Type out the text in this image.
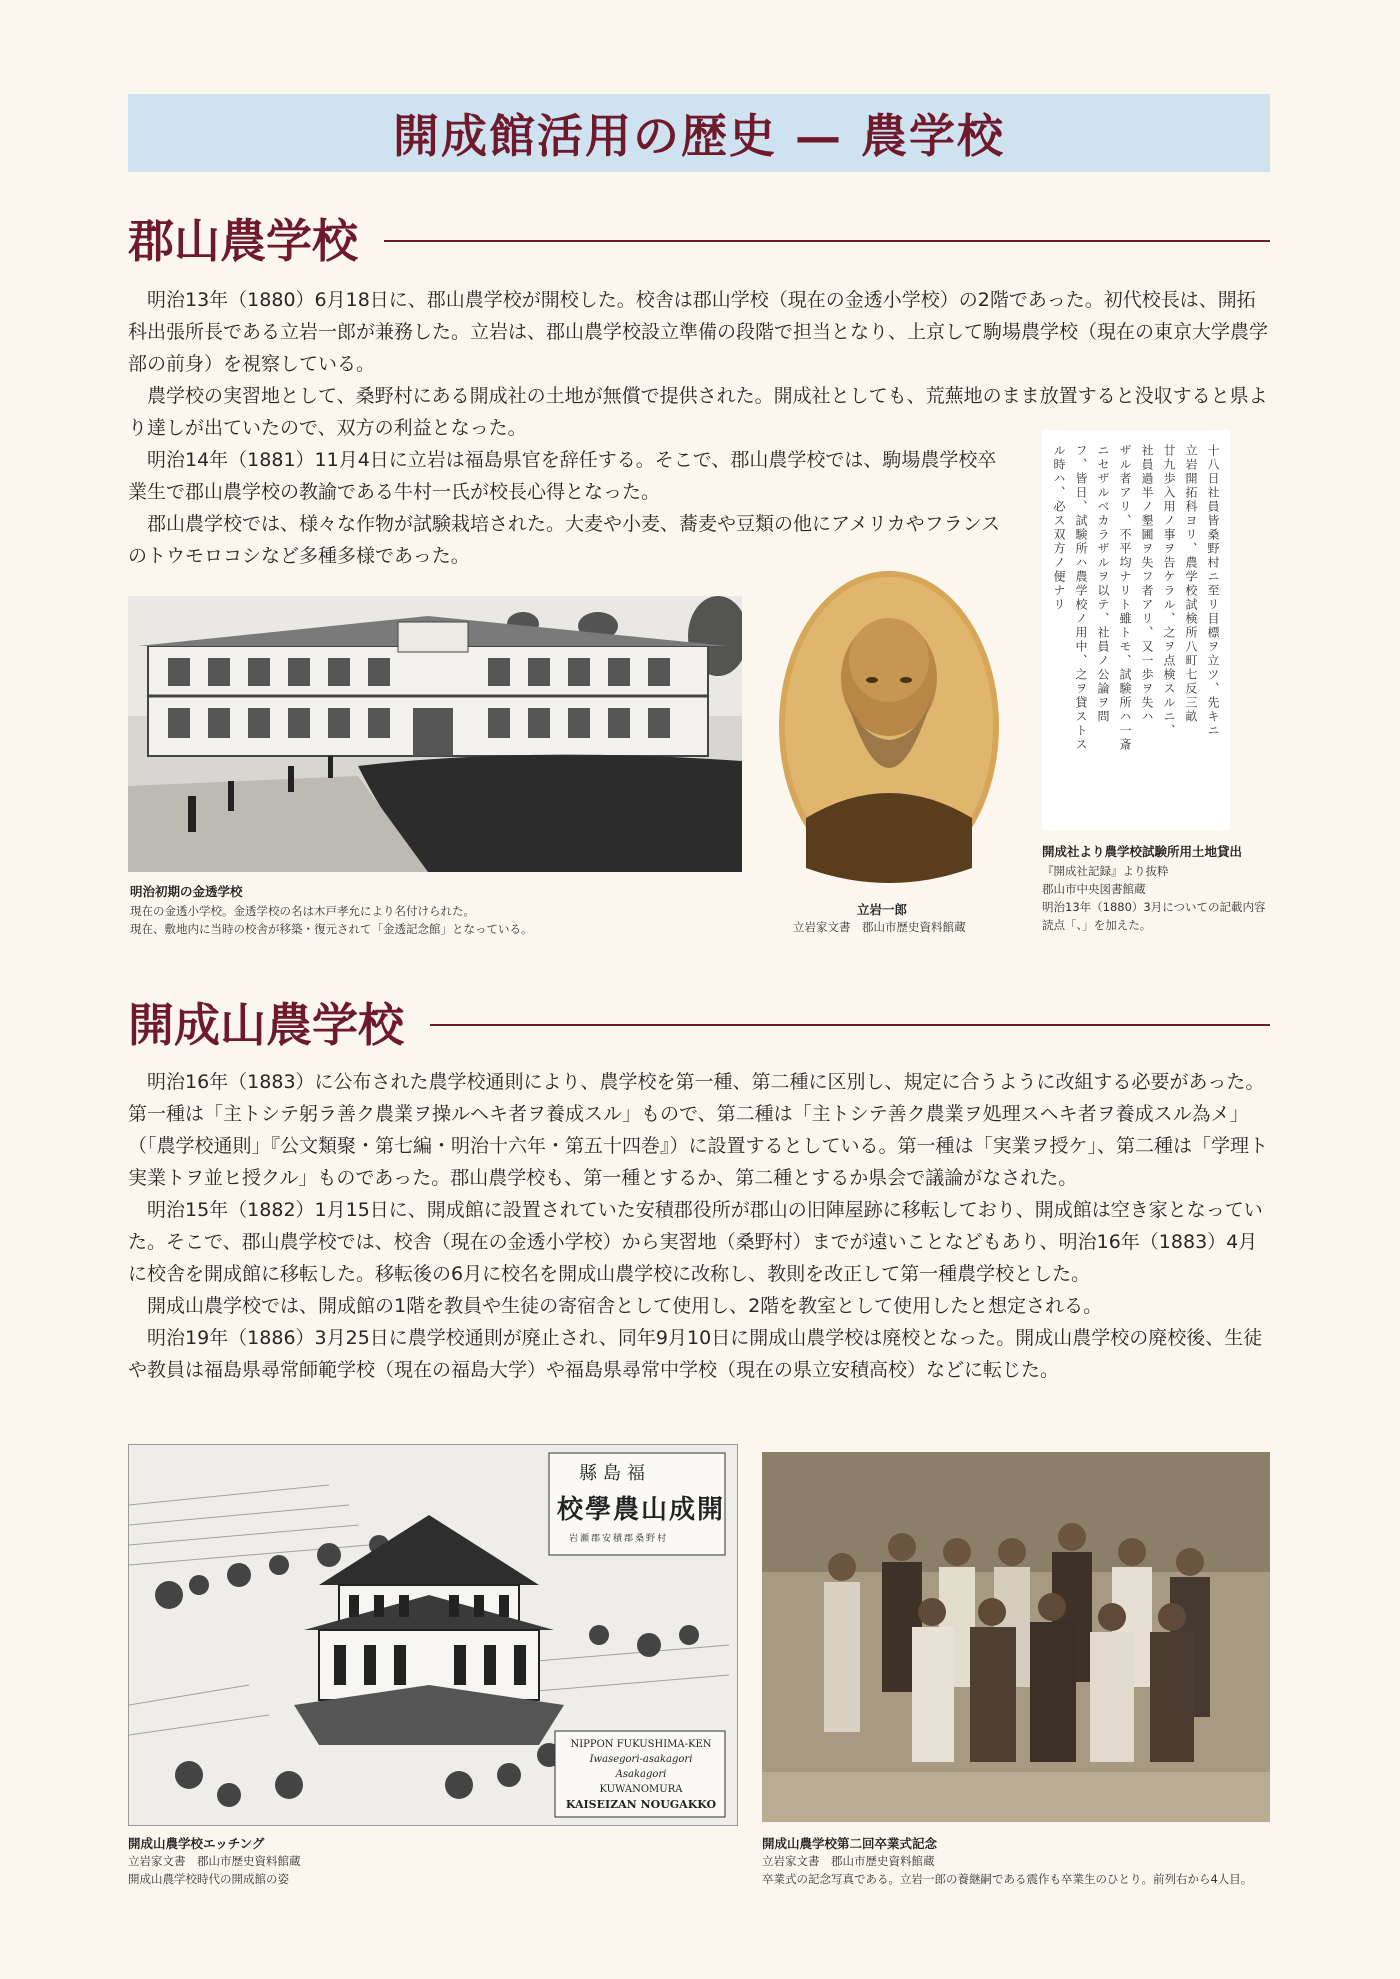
開成館活用の歴史 — 農学校
郡山農学校

明治13年（1880）6月18日に、郡山農学校が開校した。校舎は郡山学校（現在の金透小学校）の2階であった。初代校長は、開拓科出張所長である立岩一郎が兼務した。立岩は、郡山農学校設立準備の段階で担当となり、上京して駒場農学校（現在の東京大学農学部の前身）を視察している。

農学校の実習地として、桑野村にある開成社の土地が無償で提供された。開成社としても、荒蕪地のまま放置すると没収すると県より達しが出ていたので、双方の利益となった。

明治14年（1881）11月4日に立岩は福島県官を辞任する。そこで、郡山農学校では、駒場農学校卒業生で郡山農学校の教諭である牛村一氏が校長心得となった。

郡山農学校では、様々な作物が試験栽培された。大麦や小麦、蕎麦や豆類の他にアメリカやフランスのトウモロコシなど多種多様であった。

明治初期の金透学校
現在の金透小学校。金透学校の名は木戸孝允により名付けられた。
現在、敷地内に当時の校舎が移築・復元されて「金透記念館」となっている。
立岩一郎
立岩家文書　郡山市歴史資料館蔵
十八日社員皆桑野村ニ至リ目標ヲ立ツ、先キニ
立岩開拓科ヨリ、農学校試検所八町七反三畝
廿九歩入用ノ事ヲ告ケラル、之ヲ点検スルニ、
社員過半ノ墾圃ヲ失フ者アリ、又一歩ヲ失ハ
ザル者アリ、不平均ナリト雖トモ、試験所ハ一斎
ニセザルベカラザルヲ以テ、社員ノ公論ヲ問
フ、皆日、試験所ハ農学校ノ用中、之ヲ貸ストス
ル時ハ、必ス双方ノ便ナリ
開成社より農学校試験所用土地貸出
『開成社記録』より抜粋
郡山市中央図書館蔵
明治13年（1880）3月についての記載内容
読点「、」を加えた。
開成山農学校

明治16年（1883）に公布された農学校通則により、農学校を第一種、第二種に区別し、規定に合うように改組する必要があった。第一種は「主トシテ躬ラ善ク農業ヲ操ルヘキ者ヲ養成スル」もので、第二種は「主トシテ善ク農業ヲ処理スヘキ者ヲ養成スル為メ」（「農学校通則」『公文類聚・第七編・明治十六年・第五十四巻』）に設置するとしている。第一種は「実業ヲ授ケ」、第二種は「学理ト実業トヲ並ヒ授クル」ものであった。郡山農学校も、第一種とするか、第二種とするか県会で議論がなされた。

明治15年（1882）1月15日に、開成館に設置されていた安積郡役所が郡山の旧陣屋跡に移転しており、開成館は空き家となっていた。そこで、郡山農学校では、校舎（現在の金透小学校）から実習地（桑野村）までが遠いことなどもあり、明治16年（1883）4月に校舎を開成館に移転した。移転後の6月に校名を開成山農学校に改称し、教則を改正して第一種農学校とした。

開成山農学校では、開成館の1階を教員や生徒の寄宿舎として使用し、2階を教室として使用したと想定される。

明治19年（1886）3月25日に農学校通則が廃止され、同年9月10日に開成山農学校は廃校となった。開成山農学校の廃校後、生徒や教員は福島県尋常師範学校（現在の福島大学）や福島県尋常中学校（現在の県立安積高校）などに転じた。

福島縣
開成山農學校
岩瀬郡安積郡桑野村
NIPPON FUKUSHIMA-KEN
Iwasegori-asakagori
Asakagori
KUWANOMURA
KAISEIZAN NOUGAKKO
開成山農学校エッチング
立岩家文書　郡山市歴史資料館蔵
開成山農学校時代の開成館の姿
開成山農学校第二回卒業式記念
立岩家文書　郡山市歴史資料館蔵
卒業式の記念写真である。立岩一郎の養継嗣である震作も卒業生のひとり。前列右から4人目。
